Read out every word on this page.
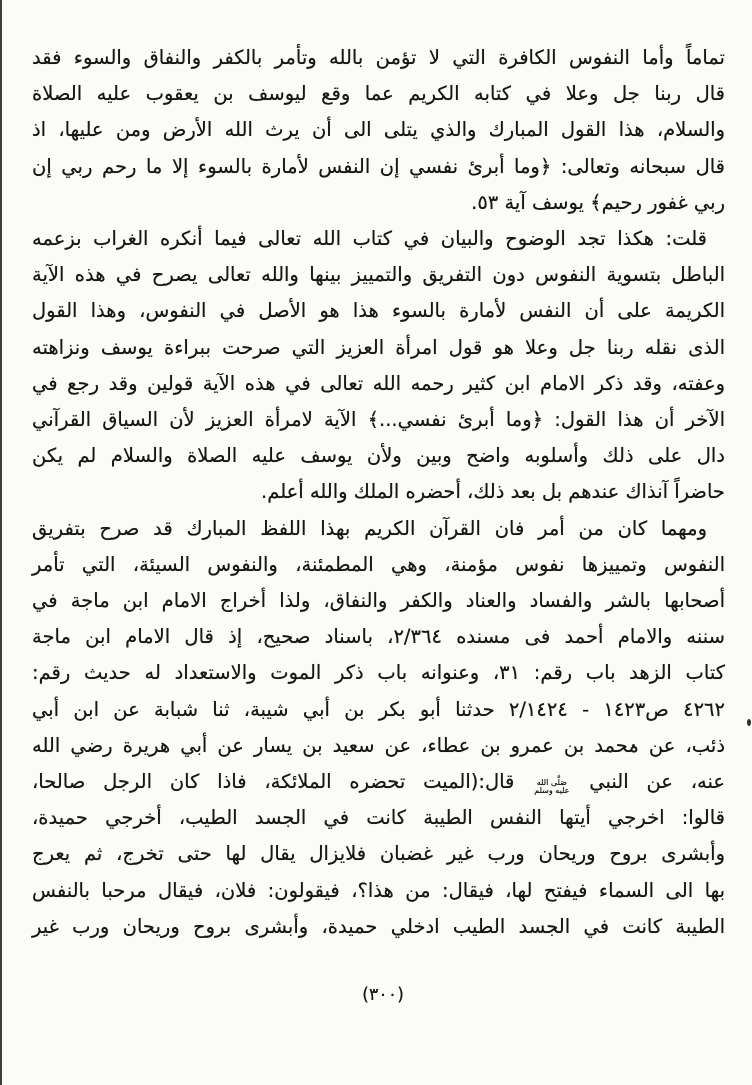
تماماً وأما النفوس الكافرة التي لا تؤمن بالله وتأمر بالكفر والنفاق والسوء فقد
قال ربنا جل وعلا في كتابه الكريم عما وقع ليوسف بن يعقوب عليه الصلاة
والسلام، هذا القول المبارك والذي يتلى الى أن يرث الله الأرض ومن عليها، اذ
قال سبحانه وتعالى: ﴿وما أبرئ نفسي إن النفس لأمارة بالسوء إلا ما رحم ربي إن
ربي غفور رحيم﴾ يوسف آية ٥٣.
قلت: هكذا تجد الوضوح والبيان في كتاب الله تعالى فيما أنكره الغراب بزعمه
الباطل بتسوية النفوس دون التفريق والتمييز بينها والله تعالى يصرح في هذه الآية
الكريمة على أن النفس لأمارة بالسوء هذا هو الأصل في النفوس، وهذا القول
الذى نقله ربنا جل وعلا هو قول امرأة العزيز التي صرحت ببراءة يوسف ونزاهته
وعفته، وقد ذكر الامام ابن كثير رحمه الله تعالى في هذه الآية قولين وقد رجع في
الآخر أن هذا القول: ﴿وما أبرئ نفسي...﴾ الآية لامرأة العزيز لأن السياق القرآني
دال على ذلك وأسلوبه واضح وبين ولأن يوسف عليه الصلاة والسلام لم يكن
حاضراً آنذاك عندهم بل بعد ذلك، أحضره الملك والله أعلم.
ومهما كان من أمر فان القرآن الكريم بهذا اللفظ المبارك قد صرح بتفريق
النفوس وتمييزها نفوس مؤمنة، وهي المطمئنة، والنفوس السيئة، التي تأمر
أصحابها بالشر والفساد والعناد والكفر والنفاق، ولذا أخراج الامام ابن ماجة في
سننه والامام أحمد فى مسنده ٢/٣٦٤، باسناد صحيح، إذ قال الامام ابن ماجة
كتاب الزهد باب رقم: ٣١، وعنوانه باب ذكر الموت والاستعداد له حديث رقم:
٤٢٦٢ ص١٤٢٣ - ٢/١٤٢٤ حدثنا أبو بكر بن أبي شيبة، ثنا شبابة عن ابن أبي
ذئب، عن محمد بن عمرو بن عطاء، عن سعيد بن يسار عن أبي هريرة رضي الله
عنه، عن النبي
صَلَّى الله
عليه وسلم
قال:(الميت تحضره الملائكة، فاذا كان الرجل صالحا،
قالوا: اخرجي أيتها النفس الطيبة كانت في الجسد الطيب، أخرجي حميدة،
وأبشرى بروح وريحان ورب غير غضبان فلايزال يقال لها حتى تخرج، ثم يعرج
بها الى السماء فيفتح لها، فيقال: من هذا؟، فيقولون: فلان، فيقال مرحبا بالنفس
الطيبة كانت في الجسد الطيب ادخلي حميدة، وأبشرى بروح وريحان ورب غير
(٣٠٠)
